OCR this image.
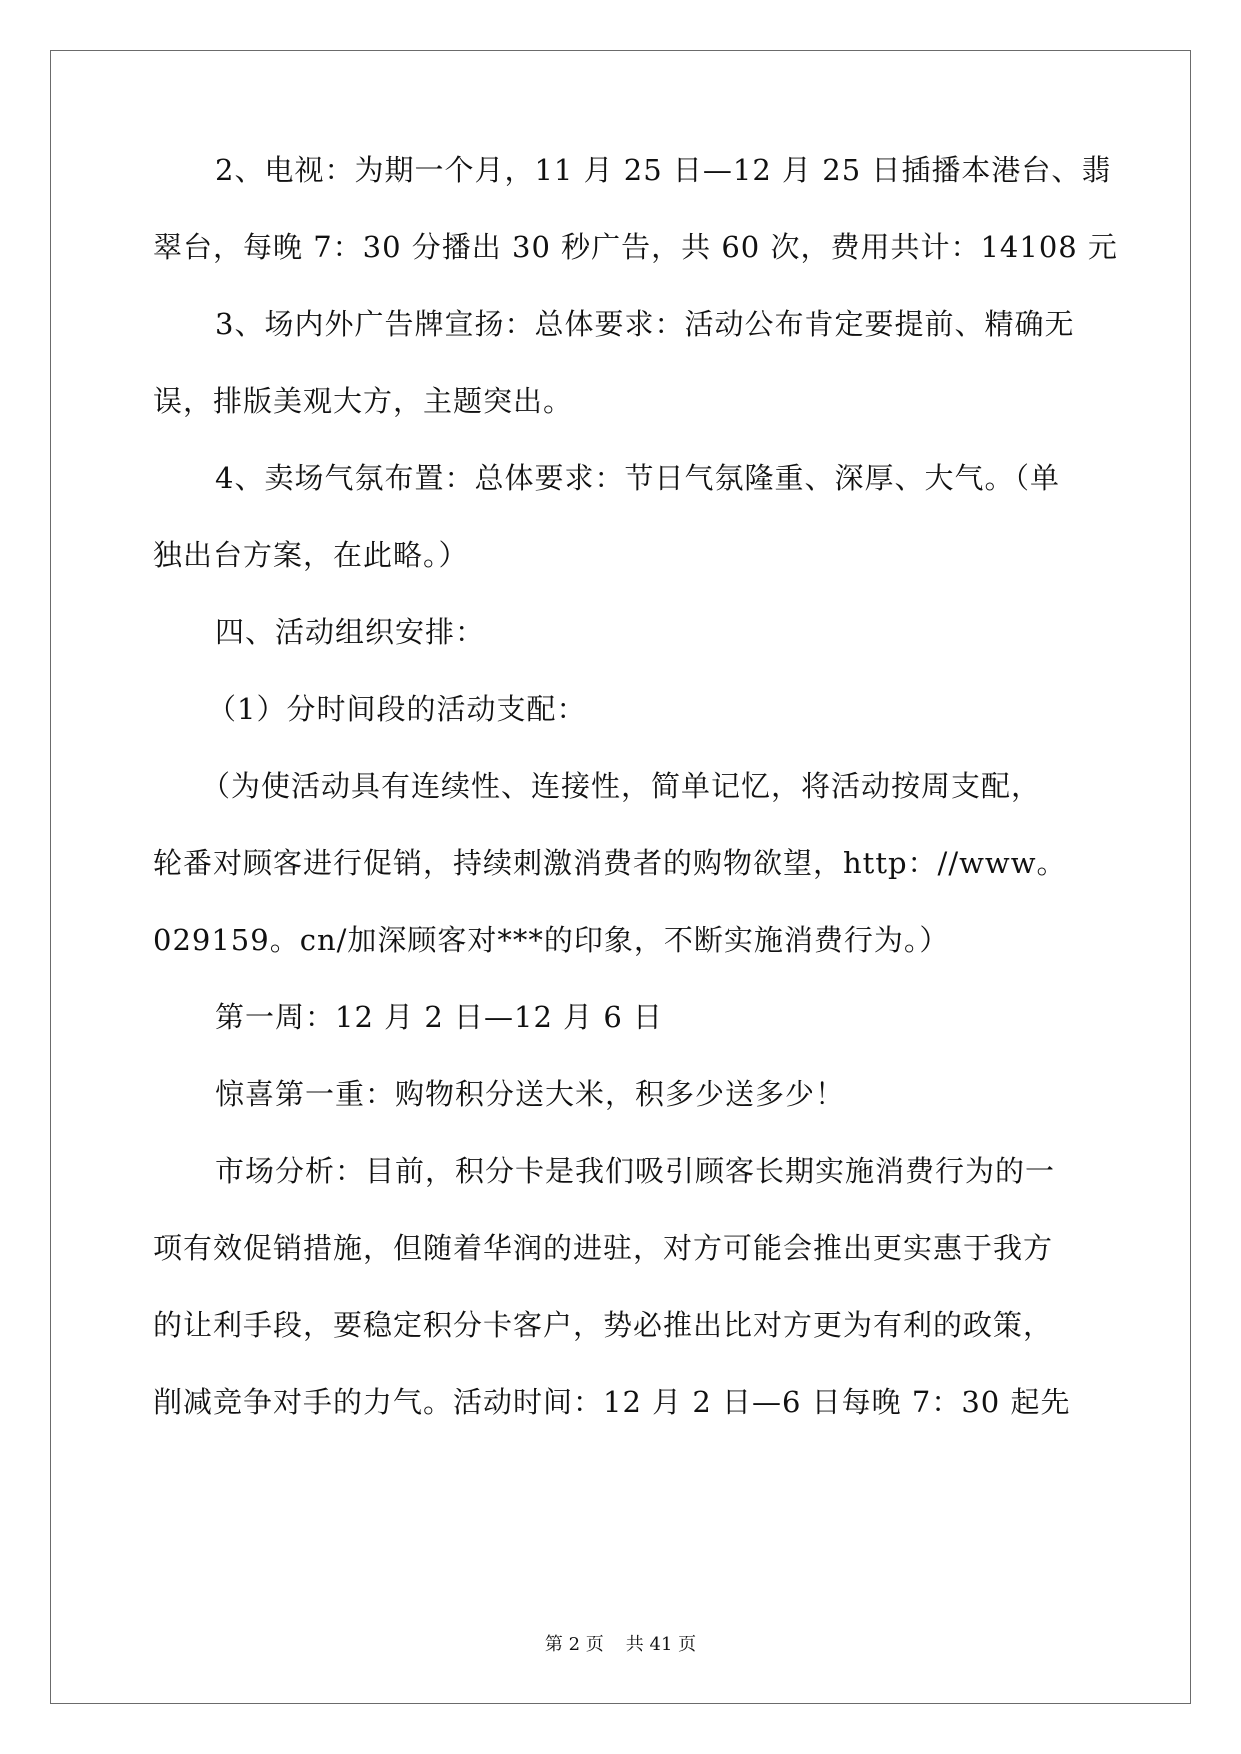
2、电视：为期一个月，11 月 25 日—12 月 25 日插播本港台、翡
翠台，每晚 7：30 分播出 30 秒广告，共 60 次，费用共计：14108 元
3、场内外广告牌宣扬：总体要求：活动公布肯定要提前、精确无
误，排版美观大方，主题突出。
4、卖场气氛布置：总体要求：节日气氛隆重、深厚、大气。（单
独出台方案，在此略。）
四、活动组织安排：
（1）分时间段的活动支配：
（为使活动具有连续性、连接性，简单记忆，将活动按周支配，
轮番对顾客进行促销，持续刺激消费者的购物欲望，http：//www。
029159。cn/加深顾客对***的印象，不断实施消费行为。）
第一周：12 月 2 日—12 月 6 日
惊喜第一重：购物积分送大米，积多少送多少！
市场分析：目前，积分卡是我们吸引顾客长期实施消费行为的一
项有效促销措施，但随着华润的进驻，对方可能会推出更实惠于我方
的让利手段，要稳定积分卡客户，势必推出比对方更为有利的政策，
削减竞争对手的力气。活动时间：12 月 2 日—6 日每晚 7：30 起先
第 2 页 共 41 页
